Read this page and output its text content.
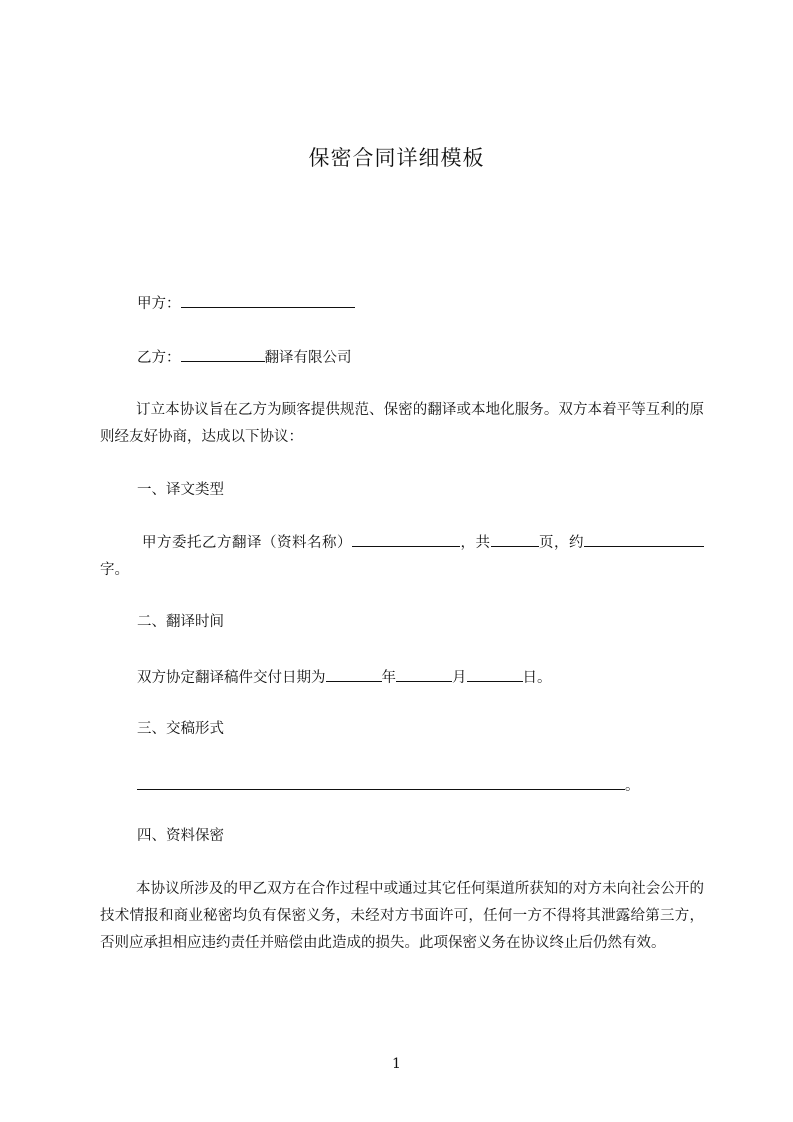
保密合同详细模板
甲方：
乙方：	翻译有限公司
订立本协议旨在乙方为顾客提供规范、保密的翻译或本地化服务。双方本着平等互利的原则经友好协商，达成以下协议：
一、译文类型
甲方委托乙方翻译（资料名称）	，共	页，约字。
二、翻译时间
双方协定翻译稿件交付日期为	年	月	日。
三、交稿形式
。
四、资料保密
本协议所涉及的甲乙双方在合作过程中或通过其它任何渠道所获知的对方未向社会公开的技术情报和商业秘密均负有保密义务，未经对方书面许可，任何一方不得将其泄露给第三方，否则应承担相应违约责任并赔偿由此造成的损失。此项保密义务在协议终止后仍然有效。
1
